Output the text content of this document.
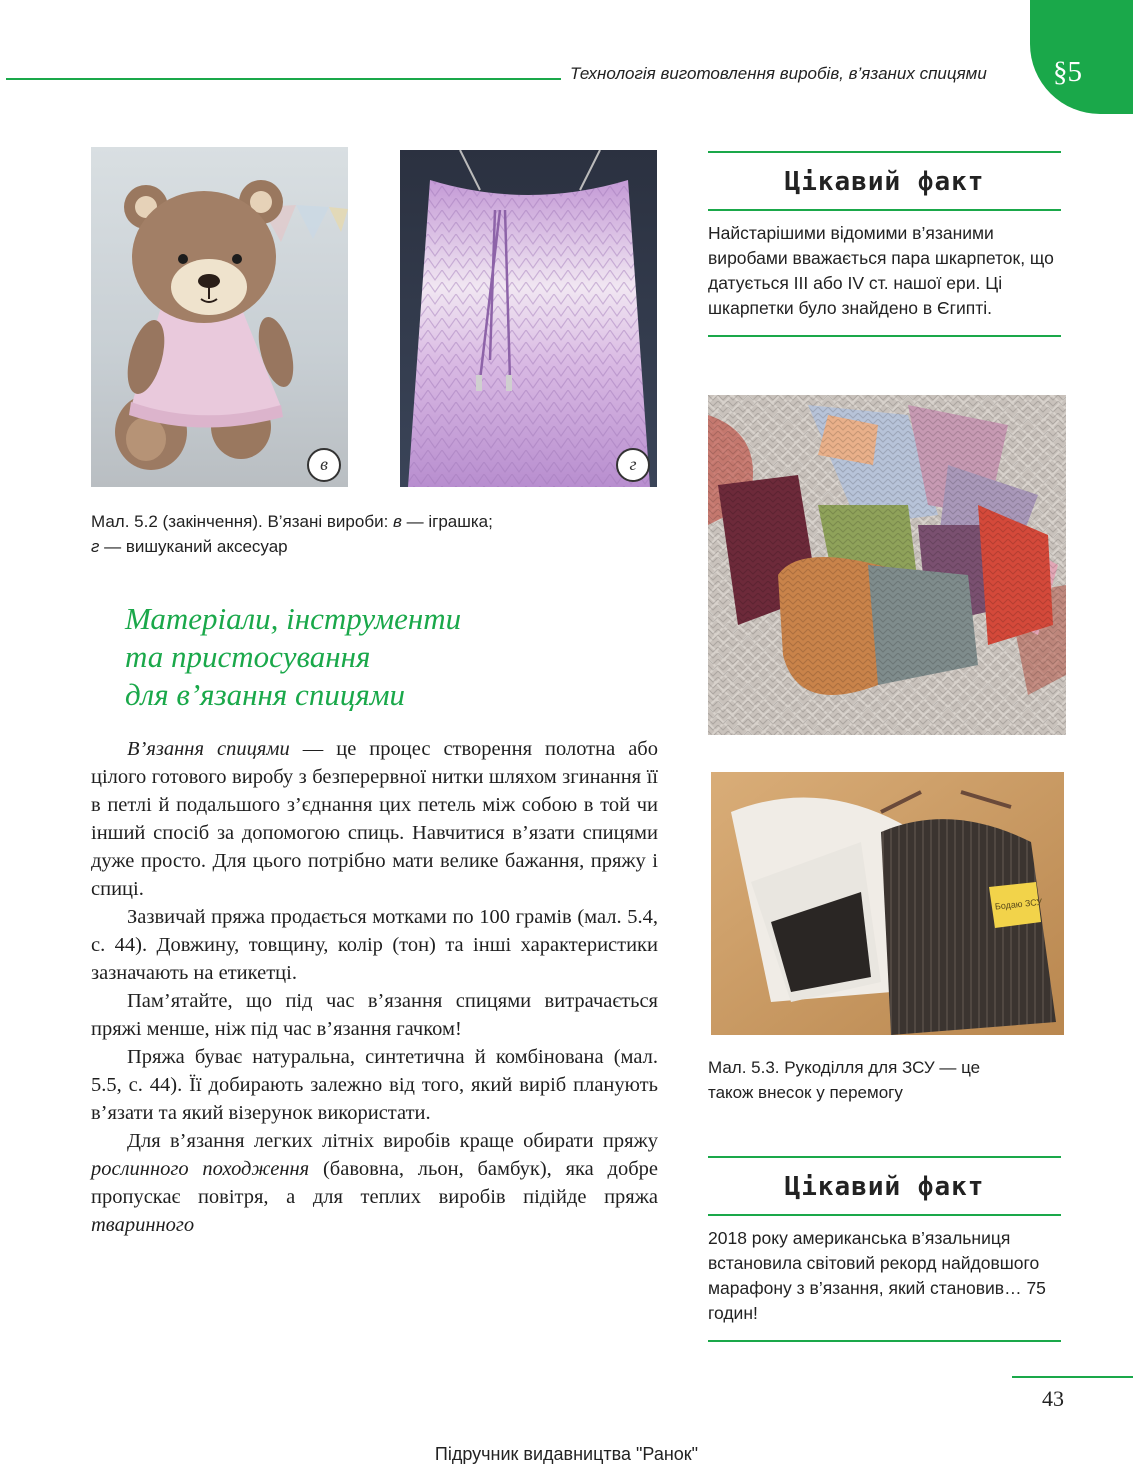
Технологія виготовлення виробів, в’язаних спицями	§5
в	г
Мал. 5.2 (закінчення). В’язані вироби: в — іграшка;
г — вишуканий аксесуар
Матеріали, інструменти
та пристосування
для в’язання спицями

В’язання спицями — це процес створення полотна або цілого готового виробу з безперервної нитки шляхом згинання її в петлі й подальшого з’єднання цих петель між собою в той чи інший спосіб за допомогою спиць. Навчитися в’язати спицями дуже просто. Для цього потрібно мати велике бажання, пряжу і спиці.

Зазвичай пряжа продається мотками по 100 грамів (мал. 5.4, с. 44). Довжину, товщину, колір (тон) та інші характеристики зазначають на етикетці.

Пам’ятайте, що під час в’язання спицями витрачається пряжі менше, ніж під час в’язання гачком!

Пряжа буває натуральна, синтетична й комбінована (мал. 5.5, с. 44). Її добирають залежно від того, який виріб планують в’язати та який візерунок використати.

Для в’язання легких літніх виробів краще обирати пряжу рослинного походження (бавовна, льон, бамбук), яка добре пропускає повітря, а для теплих виробів підійде пряжа тваринного

Цікавий факт
Найстарішими відомими в’язаними виробами вважається пара шкарпеток, що датується III або IV ст. нашої ери. Ці шкарпетки було знайдено в Єгипті.
Бодаю ЗСУ
Мал. 5.3. Рукоділля для ЗСУ — це
також внесок у перемогу
Цікавий факт
2018 року американська в’язальниця встановила світовий рекорд найдовшого марафону з в’язання, який становив… 75 годин!
43
Підручник видавництва "Ранок"
